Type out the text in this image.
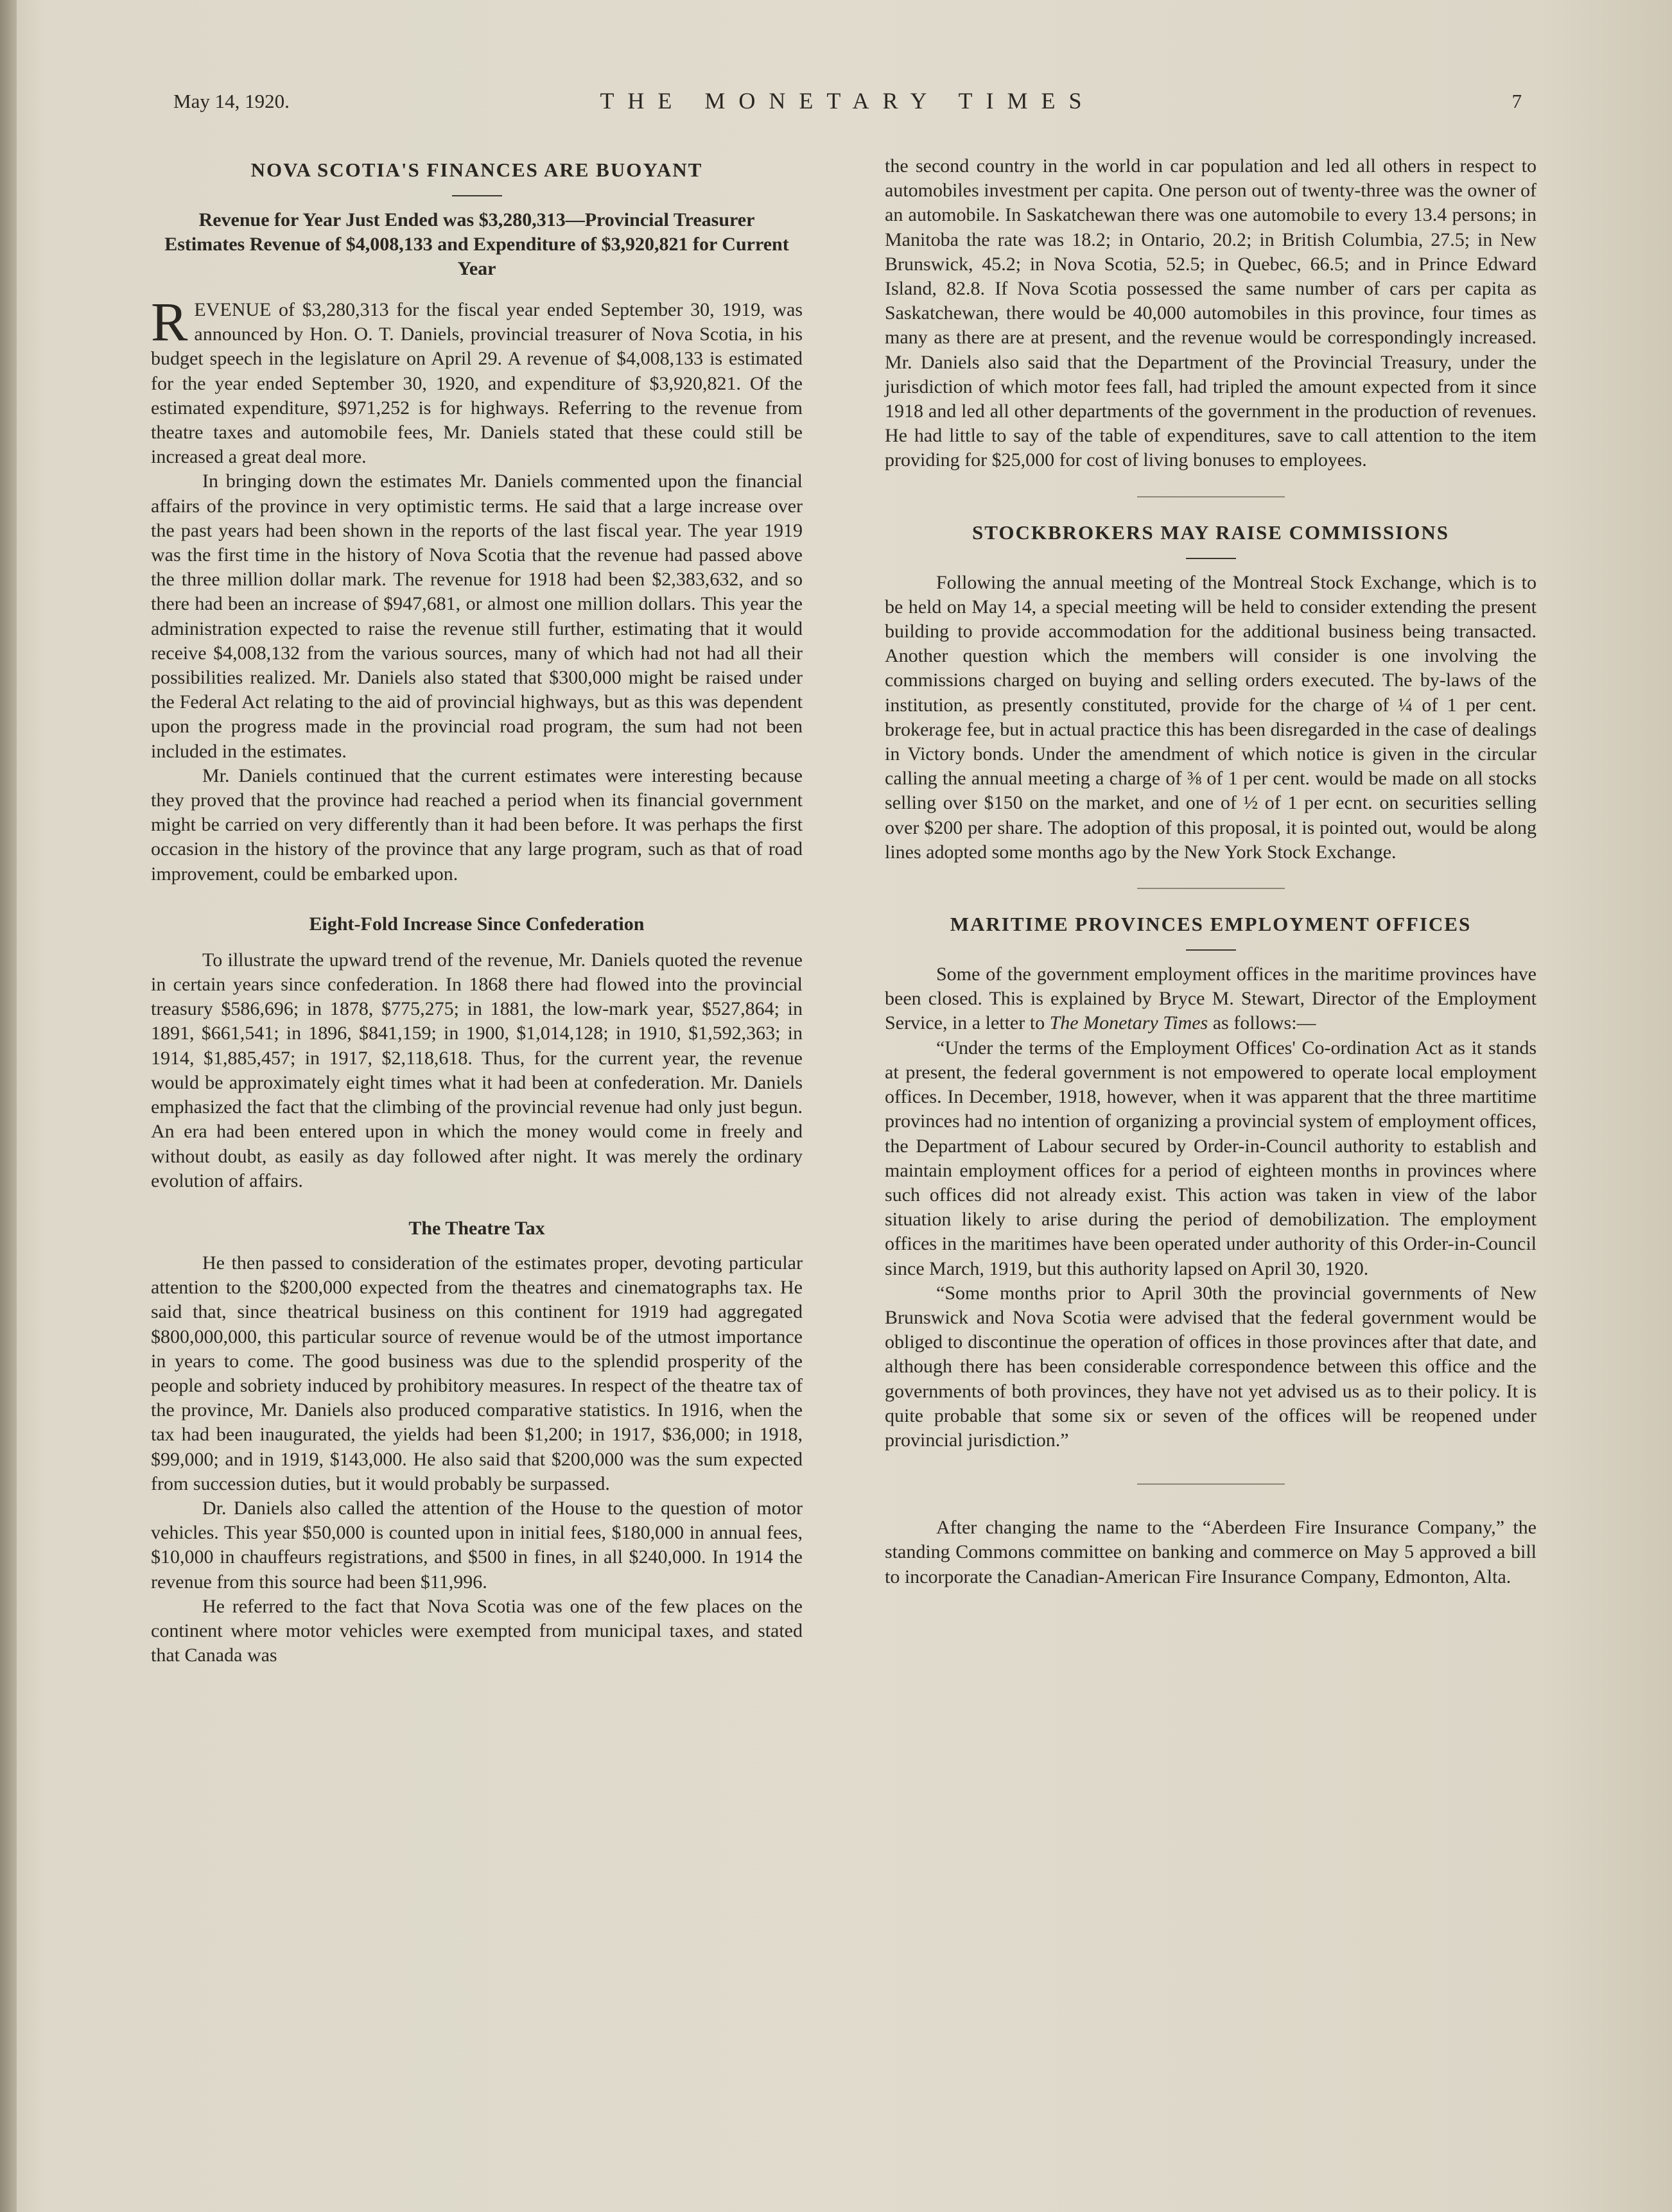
May 14, 1920.	THE MONETARY TIMES	7
NOVA SCOTIA'S FINANCES ARE BUOYANT
Revenue for Year Just Ended was $3,280,313—Provincial Treasurer Estimates Revenue of $4,008,133 and Expenditure of $3,920,821 for Current Year

REVENUE of $3,280,313 for the fiscal year ended September 30, 1919, was announced by Hon. O. T. Daniels, provincial treasurer of Nova Scotia, in his budget speech in the legislature on April 29. A revenue of $4,008,133 is estimated for the year ended September 30, 1920, and expenditure of $3,920,821. Of the estimated expenditure, $971,252 is for highways. Referring to the revenue from theatre taxes and automobile fees, Mr. Daniels stated that these could still be increased a great deal more.

In bringing down the estimates Mr. Daniels commented upon the financial affairs of the province in very optimistic terms. He said that a large increase over the past years had been shown in the reports of the last fiscal year. The year 1919 was the first time in the history of Nova Scotia that the revenue had passed above the three million dollar mark. The revenue for 1918 had been $2,383,632, and so there had been an increase of $947,681, or almost one million dollars. This year the administration expected to raise the revenue still further, estimating that it would receive $4,008,132 from the various sources, many of which had not had all their possibilities realized. Mr. Daniels also stated that $300,000 might be raised under the Federal Act relating to the aid of provincial highways, but as this was dependent upon the progress made in the provincial road program, the sum had not been included in the estimates.

Mr. Daniels continued that the current estimates were interesting because they proved that the province had reached a period when its financial government might be carried on very differently than it had been before. It was perhaps the first occasion in the history of the province that any large program, such as that of road improvement, could be embarked upon.

Eight-Fold Increase Since Confederation

To illustrate the upward trend of the revenue, Mr. Daniels quoted the revenue in certain years since confederation. In 1868 there had flowed into the provincial treasury $586,696; in 1878, $775,275; in 1881, the low-mark year, $527,864; in 1891, $661,541; in 1896, $841,159; in 1900, $1,014,128; in 1910, $1,592,363; in 1914, $1,885,457; in 1917, $2,118,618. Thus, for the current year, the revenue would be approximately eight times what it had been at confederation. Mr. Daniels emphasized the fact that the climbing of the provincial revenue had only just begun. An era had been entered upon in which the money would come in freely and without doubt, as easily as day followed after night. It was merely the ordinary evolution of affairs.

The Theatre Tax

He then passed to consideration of the estimates proper, devoting particular attention to the $200,000 expected from the theatres and cinematographs tax. He said that, since theatrical business on this continent for 1919 had aggregated $800,000,000, this particular source of revenue would be of the utmost importance in years to come. The good business was due to the splendid prosperity of the people and sobriety induced by prohibitory measures. In respect of the theatre tax of the province, Mr. Daniels also produced comparative statistics. In 1916, when the tax had been inaugurated, the yields had been $1,200; in 1917, $36,000; in 1918, $99,000; and in 1919, $143,000. He also said that $200,000 was the sum expected from succession duties, but it would probably be surpassed.

Dr. Daniels also called the attention of the House to the question of motor vehicles. This year $50,000 is counted upon in initial fees, $180,000 in annual fees, $10,000 in chauffeurs registrations, and $500 in fines, in all $240,000. In 1914 the revenue from this source had been $11,996.

He referred to the fact that Nova Scotia was one of the few places on the continent where motor vehicles were exempted from municipal taxes, and stated that Canada was

the second country in the world in car population and led all others in respect to automobiles investment per capita. One person out of twenty-three was the owner of an automobile. In Saskatchewan there was one automobile to every 13.4 persons; in Manitoba the rate was 18.2; in Ontario, 20.2; in British Columbia, 27.5; in New Brunswick, 45.2; in Nova Scotia, 52.5; in Quebec, 66.5; and in Prince Edward Island, 82.8. If Nova Scotia possessed the same number of cars per capita as Saskatchewan, there would be 40,000 automobiles in this province, four times as many as there are at present, and the revenue would be correspondingly increased. Mr. Daniels also said that the Department of the Provincial Treasury, under the jurisdiction of which motor fees fall, had tripled the amount expected from it since 1918 and led all other departments of the government in the production of revenues. He had little to say of the table of expenditures, save to call attention to the item providing for $25,000 for cost of living bonuses to employees.

STOCKBROKERS MAY RAISE COMMISSIONS

Following the annual meeting of the Montreal Stock Exchange, which is to be held on May 14, a special meeting will be held to consider extending the present building to provide accommodation for the additional business being transacted. Another question which the members will consider is one involving the commissions charged on buying and selling orders executed. The by-laws of the institution, as presently constituted, provide for the charge of ¼ of 1 per cent. brokerage fee, but in actual practice this has been disregarded in the case of dealings in Victory bonds. Under the amendment of which notice is given in the circular calling the annual meeting a charge of ⅜ of 1 per cent. would be made on all stocks selling over $150 on the market, and one of ½ of 1 per ecnt. on securities selling over $200 per share. The adoption of this proposal, it is pointed out, would be along lines adopted some months ago by the New York Stock Exchange.

MARITIME PROVINCES EMPLOYMENT OFFICES

Some of the government employment offices in the maritime provinces have been closed. This is explained by Bryce M. Stewart, Director of the Employment Service, in a letter to The Monetary Times as follows:—

“Under the terms of the Employment Offices' Co-ordination Act as it stands at present, the federal government is not empowered to operate local employment offices. In December, 1918, however, when it was apparent that the three martitime provinces had no intention of organizing a provincial system of employment offices, the Department of Labour secured by Order-in-Council authority to establish and maintain employment offices for a period of eighteen months in provinces where such offices did not already exist. This action was taken in view of the labor situation likely to arise during the period of demobilization. The employment offices in the maritimes have been operated under authority of this Order-in-Council since March, 1919, but this authority lapsed on April 30, 1920.

“Some months prior to April 30th the provincial governments of New Brunswick and Nova Scotia were advised that the federal government would be obliged to discontinue the operation of offices in those provinces after that date, and although there has been considerable correspondence between this office and the governments of both provinces, they have not yet advised us as to their policy. It is quite probable that some six or seven of the offices will be reopened under provincial jurisdiction.”

After changing the name to the “Aberdeen Fire Insurance Company,” the standing Commons committee on banking and commerce on May 5 approved a bill to incorporate the Canadian-American Fire Insurance Company, Edmonton, Alta.
